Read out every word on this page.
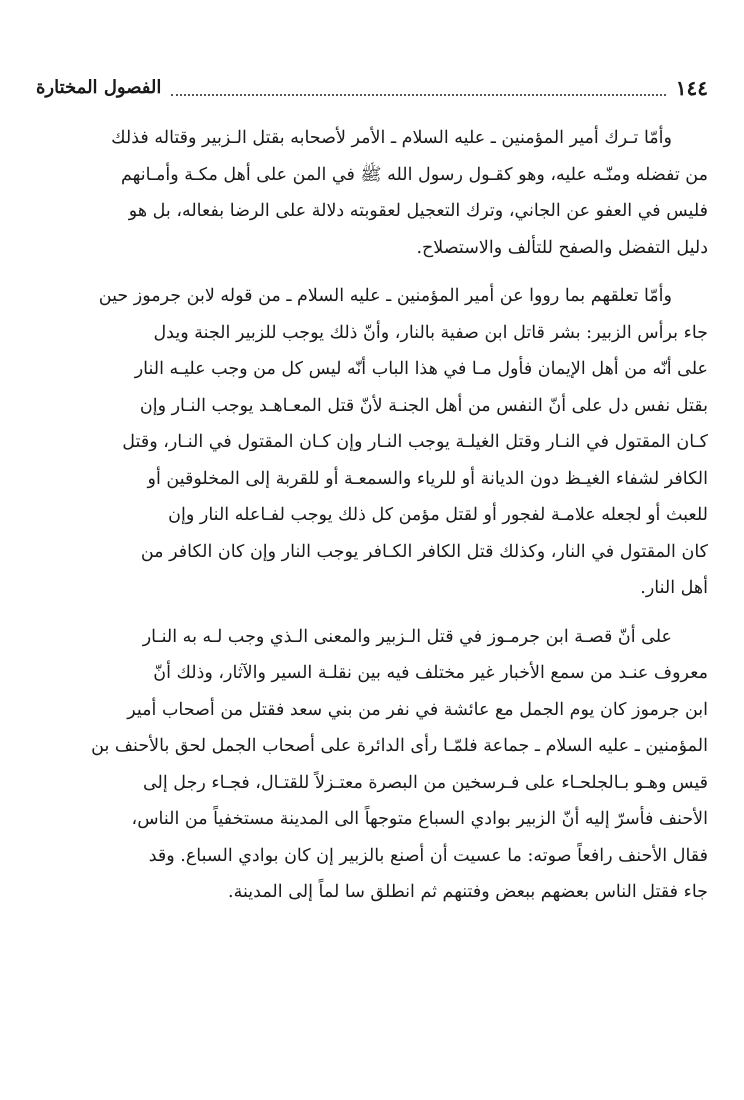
١٤٤
الفصول المختارة

وأمّا تـرك أمير المؤمنين ـ عليه السلام ـ الأمر لأصحابه بقتل الـزبير وقتاله فذلك
من تفضله ومنّـه عليه، وهو كقـول رسول الله ﷺ في المن على أهل مكـة وأمـانهم
فليس في العفو عن الجاني، وترك التعجيل لعقوبته دلالة على الرضا بفعاله، بل هو
دليل التفضل والصفح للتألف والاستصلاح.

وأمّا تعلقهم بما رووا عن أمير المؤمنين ـ عليه السلام ـ من قوله لابن جرموز حين
جاء برأس الزبير: بشر قاتل ابن صفية بالنار، وأنّ ذلك يوجب للزبير الجنة ويدل
على أنّه من أهل الإيمان فأول مـا في هذا الباب أنّه ليس كل من وجب عليـه النار
بقتل نفس دل على أنّ النفس من أهل الجنـة لأنّ قتل المعـاهـد يوجب النـار وإن
كـان المقتول في النـار وقتل الغيلـة يوجب النـار وإن كـان المقتول في النـار، وقتل
الكافر لشفاء الغيـظ دون الديانة أو للرياء والسمعـة أو للقربة إلى المخلوقين أو
للعبث أو لجعله علامـة لفجور أو لقتل مؤمن كل ذلك يوجب لفـاعله النار وإن
كان المقتول في النار، وكذلك قتل الكافر الكـافر يوجب النار وإن كان الكافر من
أهل النار.

على أنّ قصـة ابن جرمـوز في قتل الـزبير والمعنى الـذي وجب لـه به النـار
معروف عنـد من سمع الأخبار غير مختلف فيه بين نقلـة السير والآثار، وذلك أنّ
ابن جرموز كان يوم الجمل مع عائشة في نفر من بني سعد فقتل من أصحاب أمير
المؤمنين ـ عليه السلام ـ جماعة فلمّـا رأى الدائرة على أصحاب الجمل لحق بالأحنف بن
قيس وهـو بـالجلحـاء على فـرسخين من البصرة معتـزلاً للقتـال، فجـاء رجل إلى
الأحنف فأسرّ إليه أنّ الزبير بوادي السباع متوجهاً الى المدينة مستخفياً من الناس،
فقال الأحنف رافعاً صوته: ما عسيت أن أصنع بالزبير إن كان بوادي السباع. وقد
جاء فقتل الناس بعضهم ببعض وفتنهم ثم انطلق سا لماً إلى المدينة.
